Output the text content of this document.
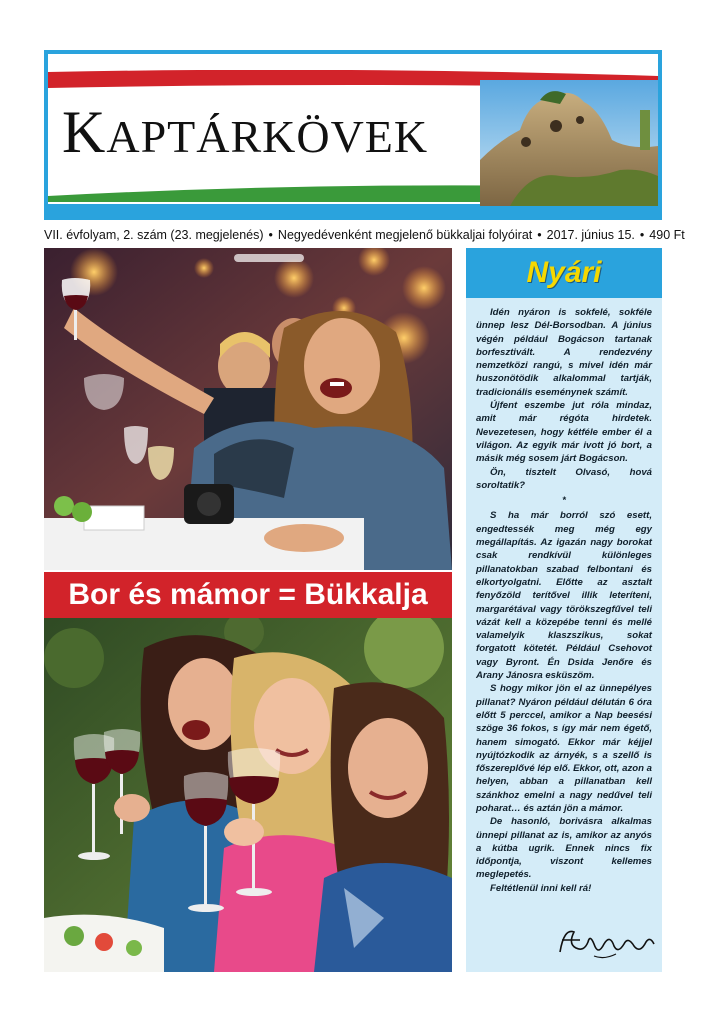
KAPTÁRKÖVEK
VII. évfolyam, 2. szám (23. megjelenés) • Negyedévenként megjelenő bükkaljai folyóirat • 2017. június 15. • 490 Ft
Bor és mámor = Bükkalja
Nyári

Idén nyáron is sokfelé, sokféle ünnep lesz Dél-Borsodban. A június végén például Bogácson tartanak borfesztivált. A rendezvény nemzetközi rangú, s mivel idén már huszonötödik alkalommal tartják, tradicionális eseménynek számít.

Újfent eszembe jut róla mindaz, amit már régóta hirdetek. Nevezetesen, hogy kétféle ember él a világon. Az egyik már ivott jó bort, a másik még sosem járt Bogácson.

Ön, tisztelt Olvasó, hová soroltatik?

*

S ha már borról szó esett, engedtessék meg még egy megállapítás. Az igazán nagy borokat csak rendkívül különleges pillanatokban szabad felbontani és elkortyolgatni. Előtte az asztalt fenyőzöld terítővel illik leteríteni, margarétával vagy törökszegfűvel teli vázát kell a közepébe tenni és mellé valamelyik klaszszikus, sokat forgatott kötetét. Például Csehovot vagy Byront. Én Dsida Jenőre és Arany Jánosra esküszöm.

S hogy mikor jön el az ünnepélyes pillanat? Nyáron például délután 6 óra előtt 5 perccel, amikor a Nap beesési szöge 36 fokos, s így már nem égető, hanem simogató. Ekkor már kéjjel nyújtózkodik az árnyék, s a szellő is főszereplővé lép elő. Ekkor, ott, azon a helyen, abban a pillanatban kell szánkhoz emelni a nagy nedűvel teli poharat… és aztán jön a mámor.

De hasonló, borivásra alkalmas ünnepi pillanat az is, amikor az anyós a kútba ugrik. Ennek nincs fix időpontja, viszont kellemes meglepetés.

Feltétlenül inni kell rá!
